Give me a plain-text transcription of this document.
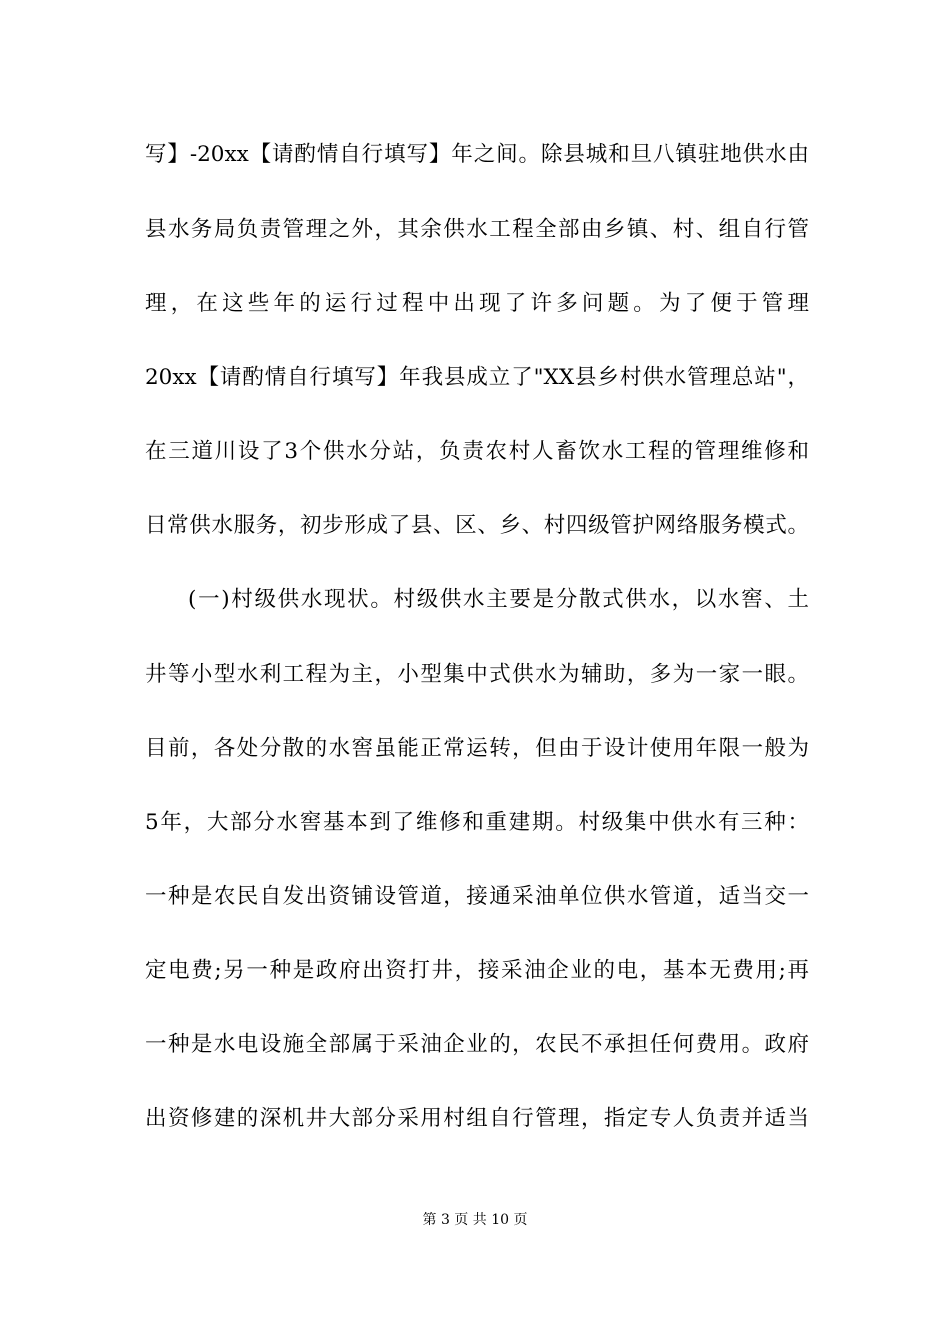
写】-20xx【请酌情自行填写】年之间。除县城和旦八镇驻地供水由
县水务局负责管理之外，其余供水工程全部由乡镇、村、组自行管
理，在这些年的运行过程中出现了许多问题。为了便于管理
20xx【请酌情自行填写】年我县成立了"XX县乡村供水管理总站"，
在三道川设了3个供水分站，负责农村人畜饮水工程的管理维修和
日常供水服务，初步形成了县、区、乡、村四级管护网络服务模式。
(一)村级供水现状。村级供水主要是分散式供水，以水窖、土
井等小型水利工程为主，小型集中式供水为辅助，多为一家一眼。
目前，各处分散的水窖虽能正常运转，但由于设计使用年限一般为
5年，大部分水窖基本到了维修和重建期。村级集中供水有三种：
一种是农民自发出资铺设管道，接通采油单位供水管道，适当交一
定电费;另一种是政府出资打井，接采油企业的电，基本无费用;再
一种是水电设施全部属于采油企业的，农民不承担任何费用。政府
出资修建的深机井大部分采用村组自行管理，指定专人负责并适当
第 3 页 共 10 页
